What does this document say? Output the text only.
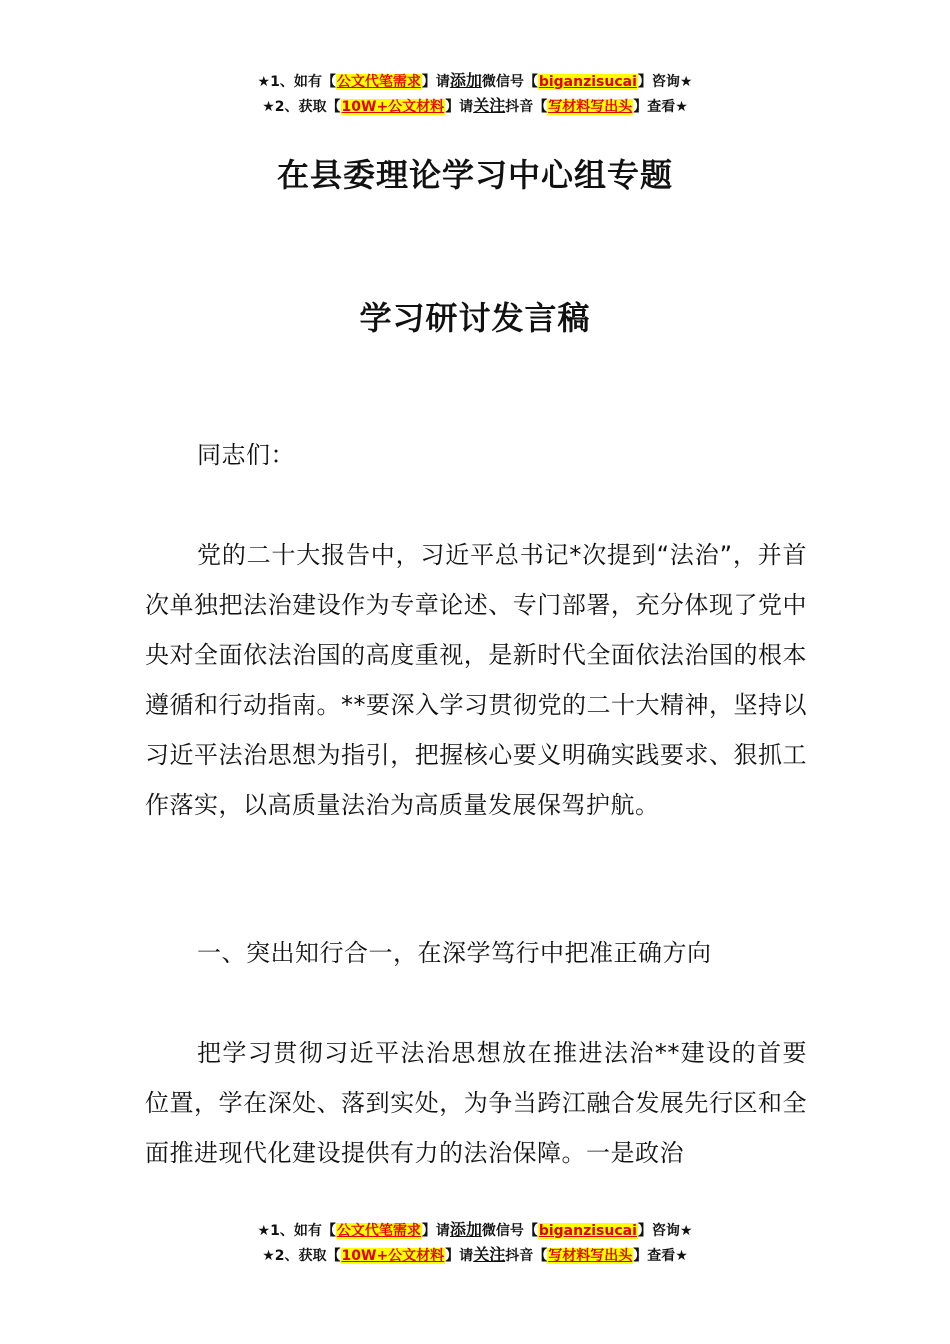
★1、如有【公文代笔需求】请添加微信号【biganzisucai】咨询★
★2、获取【10W+公文材料】请关注抖音【写材料写出头】查看★
在县委理论学习中心组专题
学习研讨发言稿

同志们：

党的二十大报告中，习近平总书记*次提到“法治”，并首次单独把法治建设作为专章论述、专门部署，充分体现了党中央对全面依法治国的高度重视，是新时代全面依法治国的根本遵循和行动指南。**要深入学习贯彻党的二十大精神，坚持以习近平法治思想为指引，把握核心要义明确实践要求、狠抓工作落实，以高质量法治为高质量发展保驾护航。

一、突出知行合一，在深学笃行中把准正确方向

把学习贯彻习近平法治思想放在推进法治**建设的首要位置，学在深处、落到实处，为争当跨江融合发展先行区和全面推进现代化建设提供有力的法治保障。一是政治

★1、如有【公文代笔需求】请添加微信号【biganzisucai】咨询★
★2、获取【10W+公文材料】请关注抖音【写材料写出头】查看★
